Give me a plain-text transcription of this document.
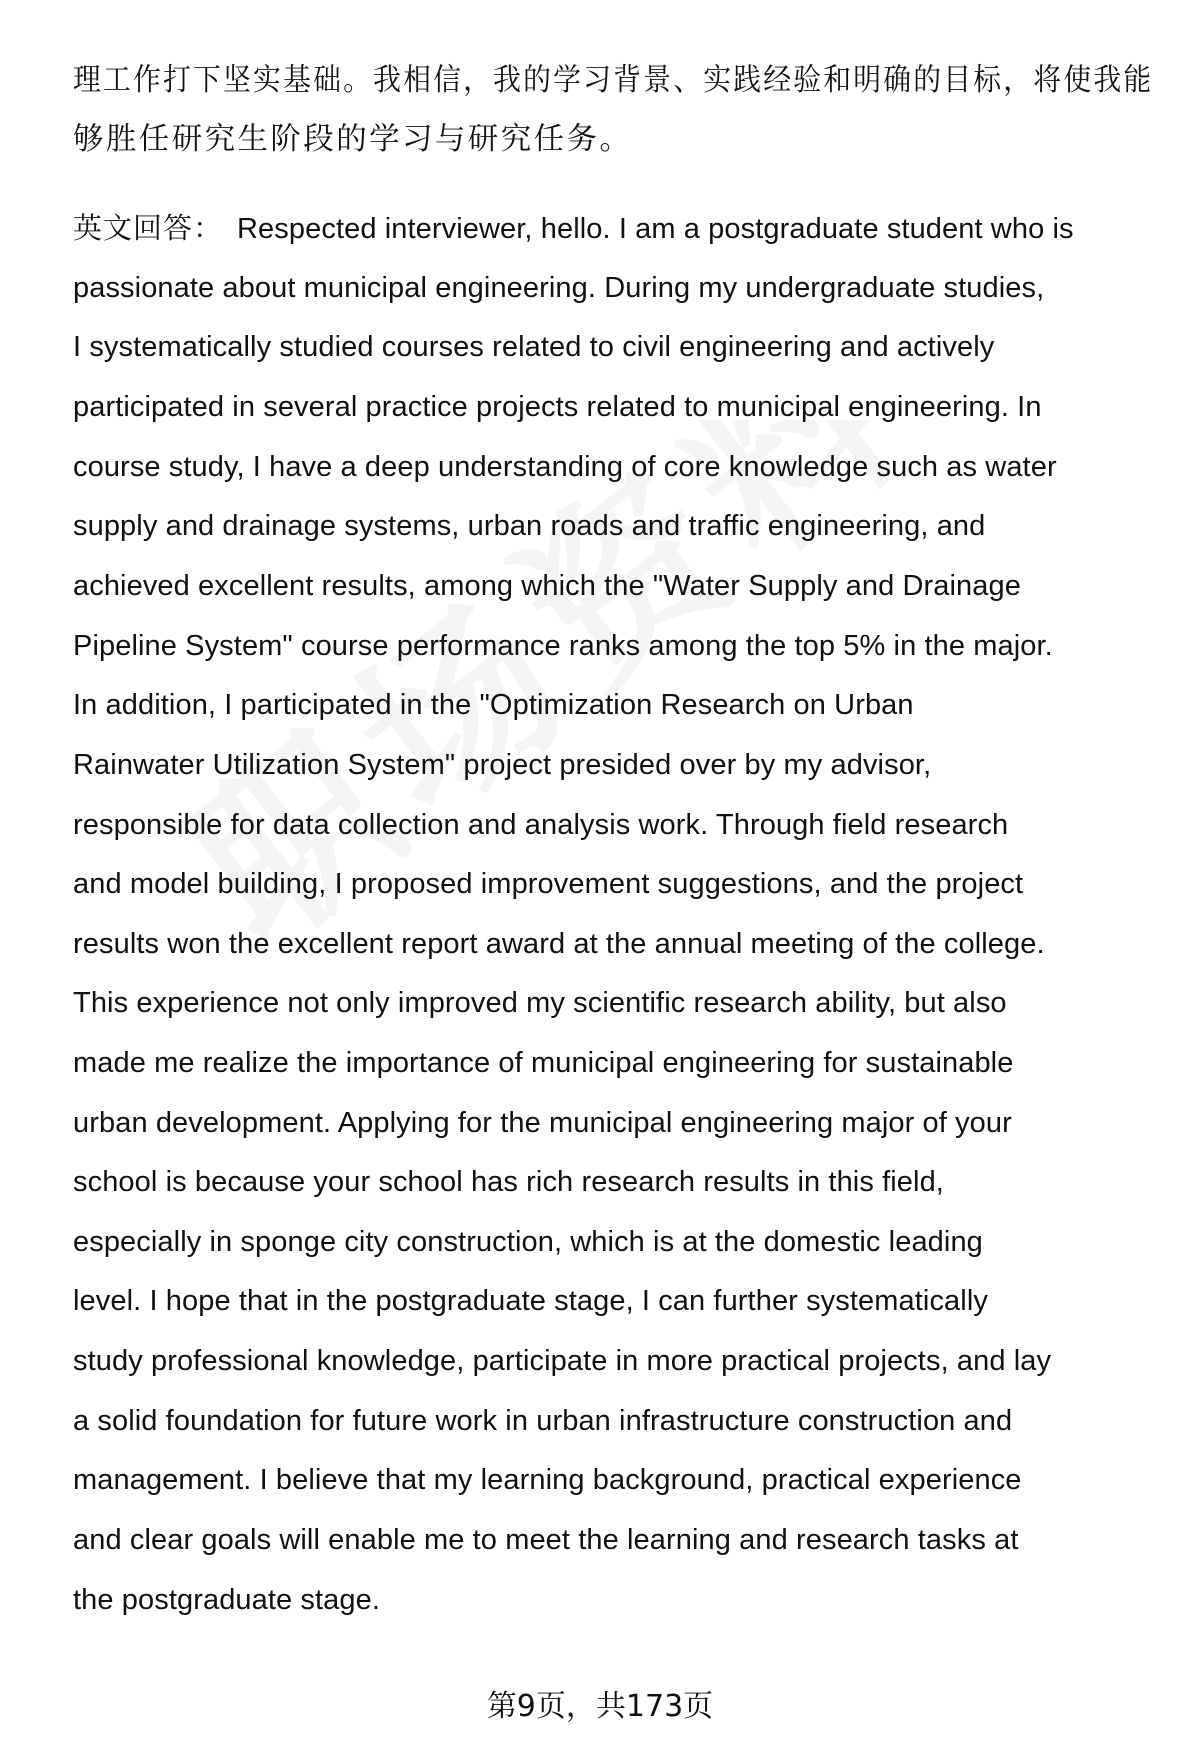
理工作打下坚实基础。我相信，我的学习背景、实践经验和明确的目标，将使我能
够胜任研究生阶段的学习与研究任务。
英文回答： Respected interviewer, hello. I am a postgraduate student who is
passionate about municipal engineering. During my undergraduate studies,
I systematically studied courses related to civil engineering and actively
participated in several practice projects related to municipal engineering. In
course study, I have a deep understanding of core knowledge such as water
supply and drainage systems, urban roads and traffic engineering, and
achieved excellent results, among which the "Water Supply and Drainage
Pipeline System" course performance ranks among the top 5% in the major.
In addition, I participated in the "Optimization Research on Urban
Rainwater Utilization System" project presided over by my advisor,
responsible for data collection and analysis work. Through field research
and model building, I proposed improvement suggestions, and the project
results won the excellent report award at the annual meeting of the college.
This experience not only improved my scientific research ability, but also
made me realize the importance of municipal engineering for sustainable
urban development. Applying for the municipal engineering major of your
school is because your school has rich research results in this field,
especially in sponge city construction, which is at the domestic leading
level. I hope that in the postgraduate stage, I can further systematically
study professional knowledge, participate in more practical projects, and lay
a solid foundation for future work in urban infrastructure construction and
management. I believe that my learning background, practical experience
and clear goals will enable me to meet the learning and research tasks at
the postgraduate stage.
第9页，共173页
